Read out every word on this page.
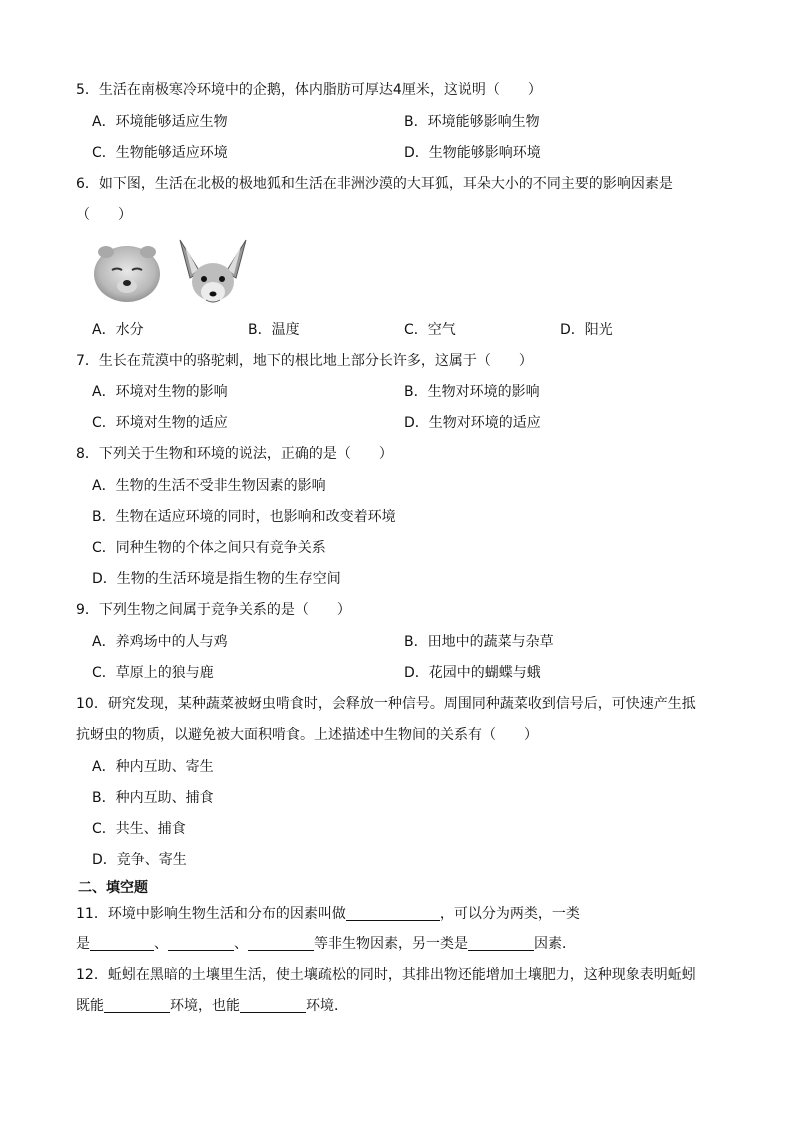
5．生活在南极寒冷环境中的企鹅，体内脂肪可厚达4厘米，这说明（　　）
A．环境能够适应生物	B．环境能够影响生物
C．生物能够适应环境	D．生物能够影响环境
6．如下图，生活在北极的极地狐和生活在非洲沙漠的大耳狐，耳朵大小的不同主要的影响因素是
（　　）
A．水分	B．温度	C．空气	D．阳光
7．生长在荒漠中的骆驼刺，地下的根比地上部分长许多，这属于（　　）
A．环境对生物的影响	B．生物对环境的影响
C．环境对生物的适应	D．生物对环境的适应
8．下列关于生物和环境的说法，正确的是（　　）
A．生物的生活不受非生物因素的影响
B．生物在适应环境的同时，也影响和改变着环境
C．同种生物的个体之间只有竞争关系
D．生物的生活环境是指生物的生存空间
9．下列生物之间属于竞争关系的是（　　）
A．养鸡场中的人与鸡	B．田地中的蔬菜与杂草
C．草原上的狼与鹿	D．花园中的蝴蝶与蛾
10．研究发现，某种蔬菜被蚜虫啃食时，会释放一种信号。周围同种蔬菜收到信号后，可快速产生抵
抗蚜虫的物质，以避免被大面积啃食。上述描述中生物间的关系有（　　）
A．种内互助、寄生
B．种内互助、捕食
C．共生、捕食
D．竞争、寄生
二、填空题
11．环境中影响生物生活和分布的因素叫做	，可以分为两类，一类
是	、	、	等非生物因素，另一类是	因素．
12．蚯蚓在黑暗的土壤里生活，使土壤疏松的同时，其排出物还能增加土壤肥力，这种现象表明蚯蚓
既能	环境，也能	环境．
